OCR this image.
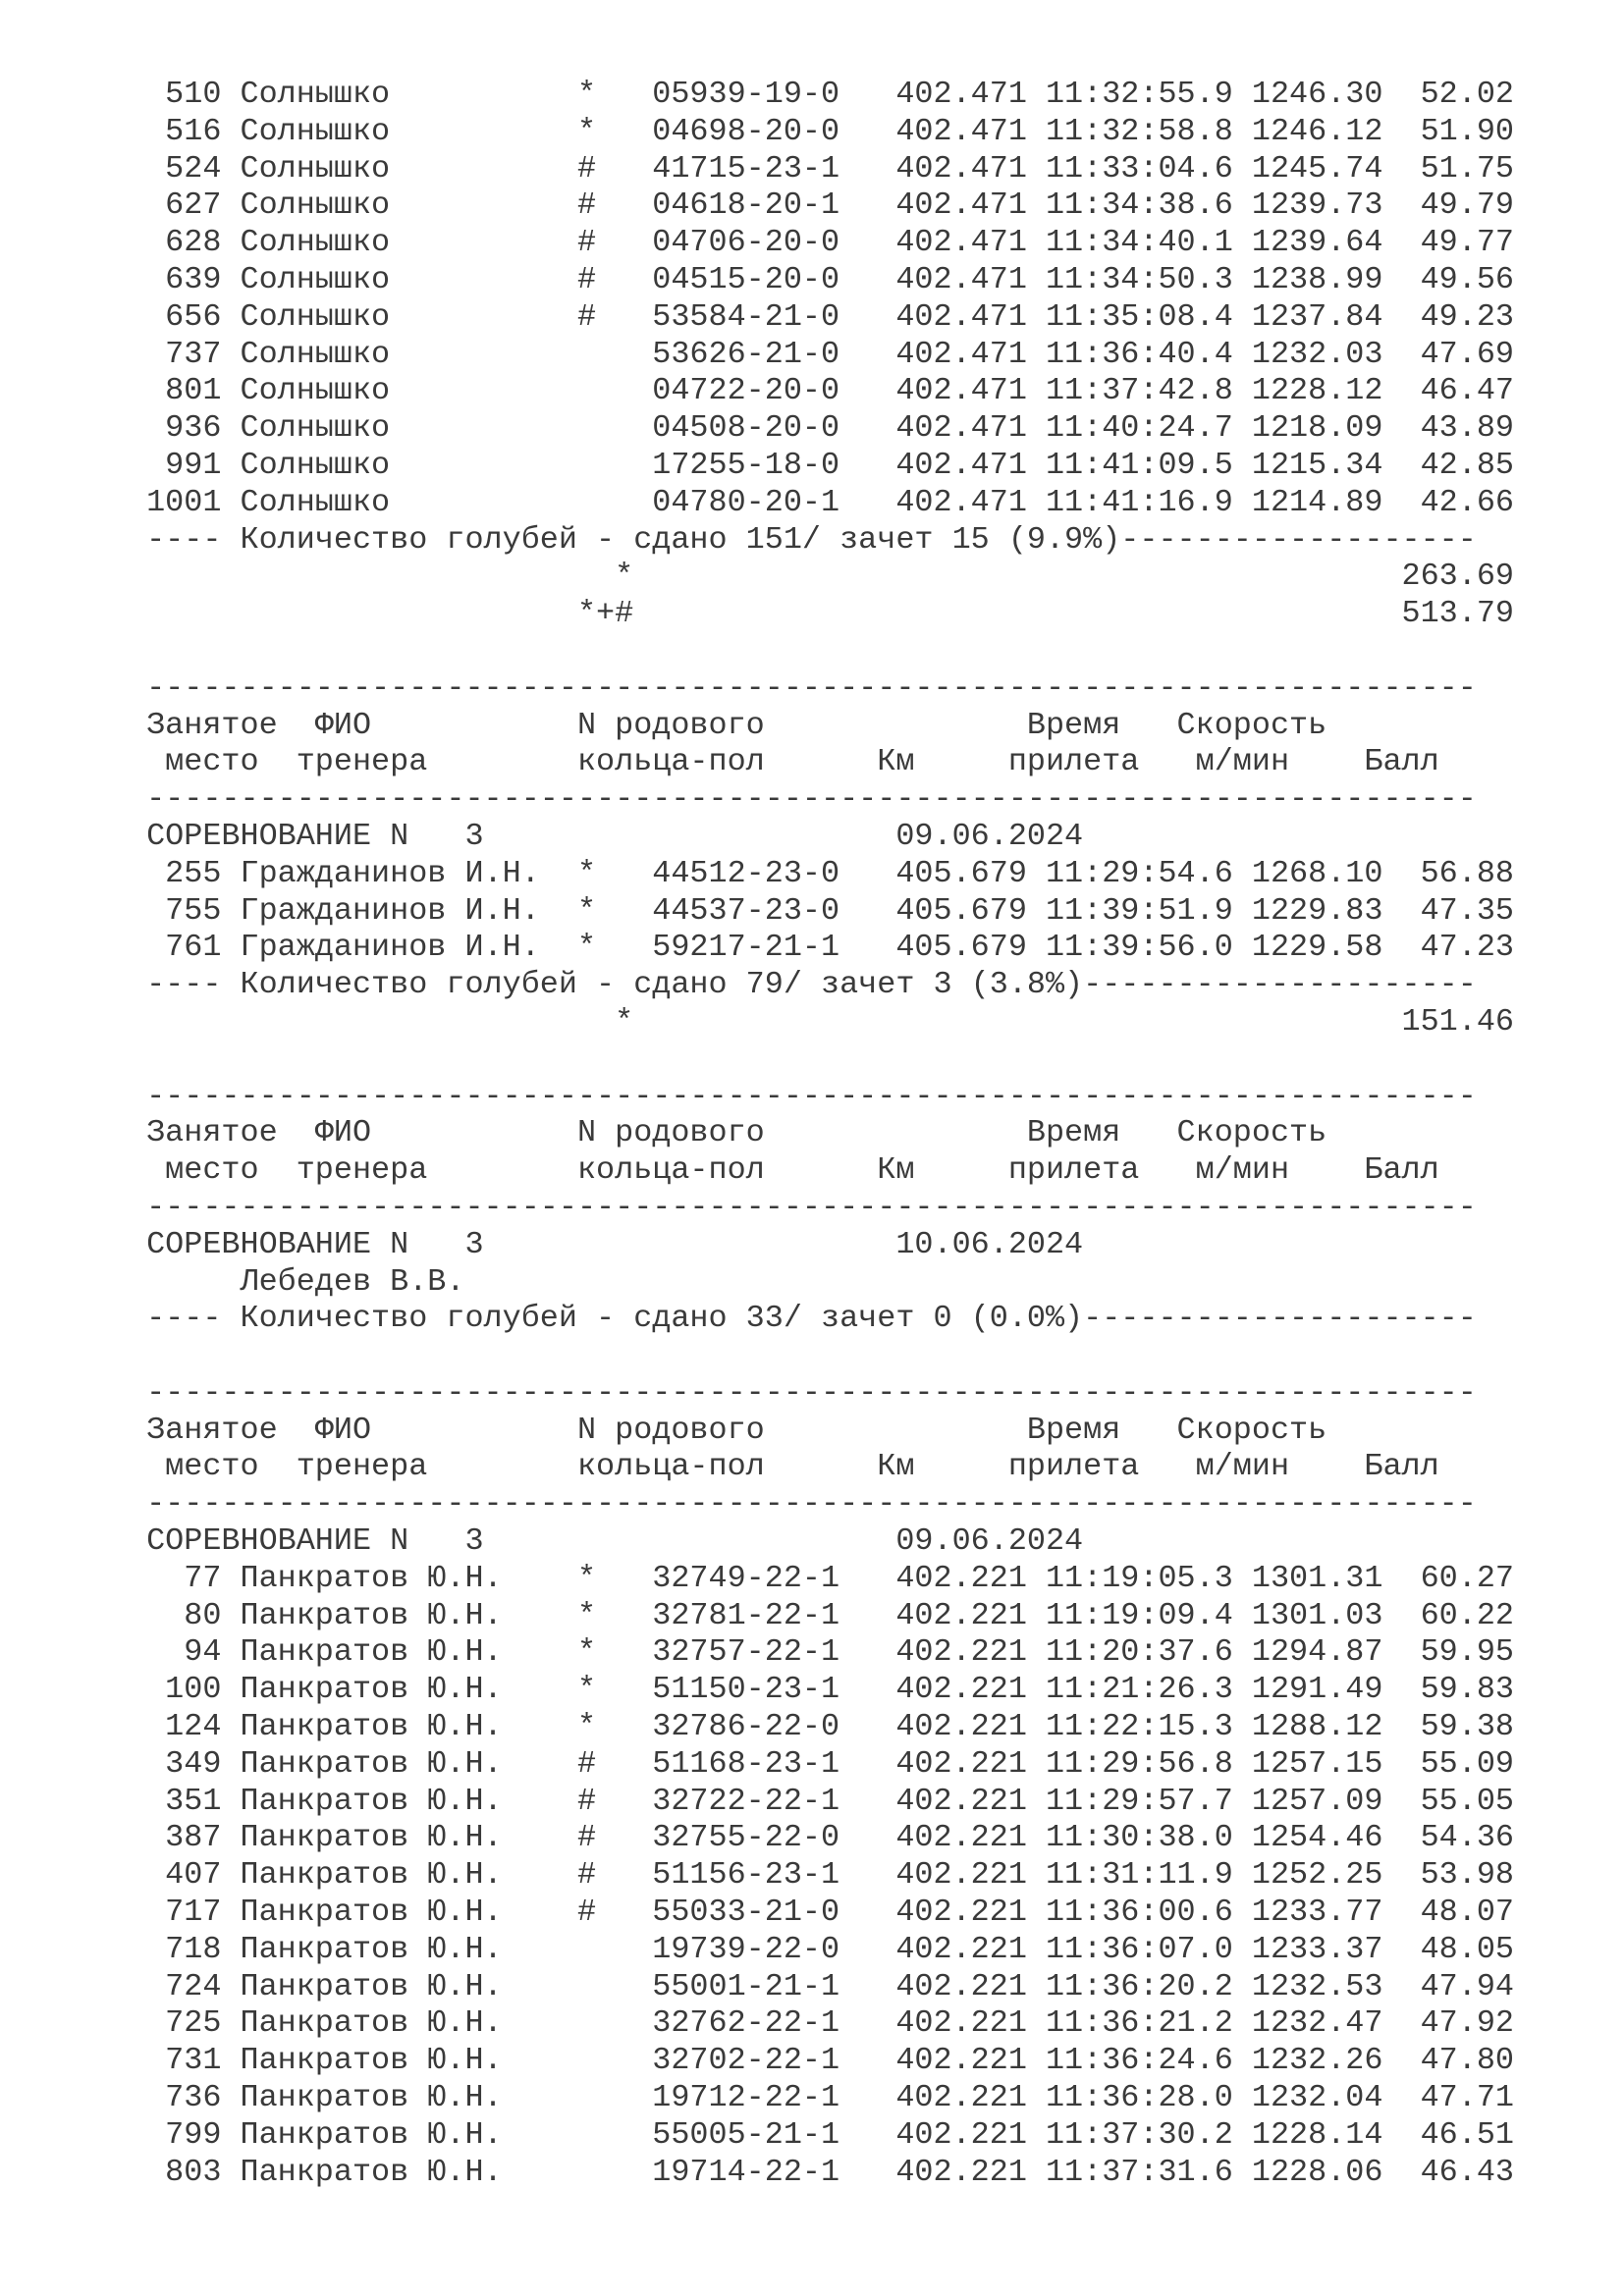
510 Солнышко          *   05939-19-0   402.471 11:32:55.9 1246.30  52.02
516 Солнышко          *   04698-20-0   402.471 11:32:58.8 1246.12  51.90
524 Солнышко          #   41715-23-1   402.471 11:33:04.6 1245.74  51.75
627 Солнышко          #   04618-20-1   402.471 11:34:38.6 1239.73  49.79
628 Солнышко          #   04706-20-0   402.471 11:34:40.1 1239.64  49.77
639 Солнышко          #   04515-20-0   402.471 11:34:50.3 1238.99  49.56
656 Солнышко          #   53584-21-0   402.471 11:35:08.4 1237.84  49.23
737 Солнышко              53626-21-0   402.471 11:36:40.4 1232.03  47.69
801 Солнышко              04722-20-0   402.471 11:37:42.8 1228.12  46.47
936 Солнышко              04508-20-0   402.471 11:40:24.7 1218.09  43.89
991 Солнышко              17255-18-0   402.471 11:41:09.5 1215.34  42.85
1001 Солнышко              04780-20-1   402.471 11:41:16.9 1214.89  42.66
---- Количество голубей - сдано 151/ зачет 15 (9.9%)-------------------
*                                         263.69
*+#                                         513.79
-----------------------------------------------------------------------
Занятое  ФИО           N родового              Время   Скорость
место  тренера        кольца-пол      Км     прилета   м/мин    Балл
-----------------------------------------------------------------------
СОРЕВНОВАНИЕ N   3                      09.06.2024
255 Гражданинов И.Н.  *   44512-23-0   405.679 11:29:54.6 1268.10  56.88
755 Гражданинов И.Н.  *   44537-23-0   405.679 11:39:51.9 1229.83  47.35
761 Гражданинов И.Н.  *   59217-21-1   405.679 11:39:56.0 1229.58  47.23
---- Количество голубей - сдано 79/ зачет 3 (3.8%)---------------------
*                                         151.46
-----------------------------------------------------------------------
Занятое  ФИО           N родового              Время   Скорость
место  тренера        кольца-пол      Км     прилета   м/мин    Балл
-----------------------------------------------------------------------
СОРЕВНОВАНИЕ N   3                      10.06.2024
Лебедев В.В.
---- Количество голубей - сдано 33/ зачет 0 (0.0%)---------------------
-----------------------------------------------------------------------
Занятое  ФИО           N родового              Время   Скорость
место  тренера        кольца-пол      Км     прилета   м/мин    Балл
-----------------------------------------------------------------------
СОРЕВНОВАНИЕ N   3                      09.06.2024
77 Панкратов Ю.Н.    *   32749-22-1   402.221 11:19:05.3 1301.31  60.27
80 Панкратов Ю.Н.    *   32781-22-1   402.221 11:19:09.4 1301.03  60.22
94 Панкратов Ю.Н.    *   32757-22-1   402.221 11:20:37.6 1294.87  59.95
100 Панкратов Ю.Н.    *   51150-23-1   402.221 11:21:26.3 1291.49  59.83
124 Панкратов Ю.Н.    *   32786-22-0   402.221 11:22:15.3 1288.12  59.38
349 Панкратов Ю.Н.    #   51168-23-1   402.221 11:29:56.8 1257.15  55.09
351 Панкратов Ю.Н.    #   32722-22-1   402.221 11:29:57.7 1257.09  55.05
387 Панкратов Ю.Н.    #   32755-22-0   402.221 11:30:38.0 1254.46  54.36
407 Панкратов Ю.Н.    #   51156-23-1   402.221 11:31:11.9 1252.25  53.98
717 Панкратов Ю.Н.    #   55033-21-0   402.221 11:36:00.6 1233.77  48.07
718 Панкратов Ю.Н.        19739-22-0   402.221 11:36:07.0 1233.37  48.05
724 Панкратов Ю.Н.        55001-21-1   402.221 11:36:20.2 1232.53  47.94
725 Панкратов Ю.Н.        32762-22-1   402.221 11:36:21.2 1232.47  47.92
731 Панкратов Ю.Н.        32702-22-1   402.221 11:36:24.6 1232.26  47.80
736 Панкратов Ю.Н.        19712-22-1   402.221 11:36:28.0 1232.04  47.71
799 Панкратов Ю.Н.        55005-21-1   402.221 11:37:30.2 1228.14  46.51
803 Панкратов Ю.Н.        19714-22-1   402.221 11:37:31.6 1228.06  46.43
